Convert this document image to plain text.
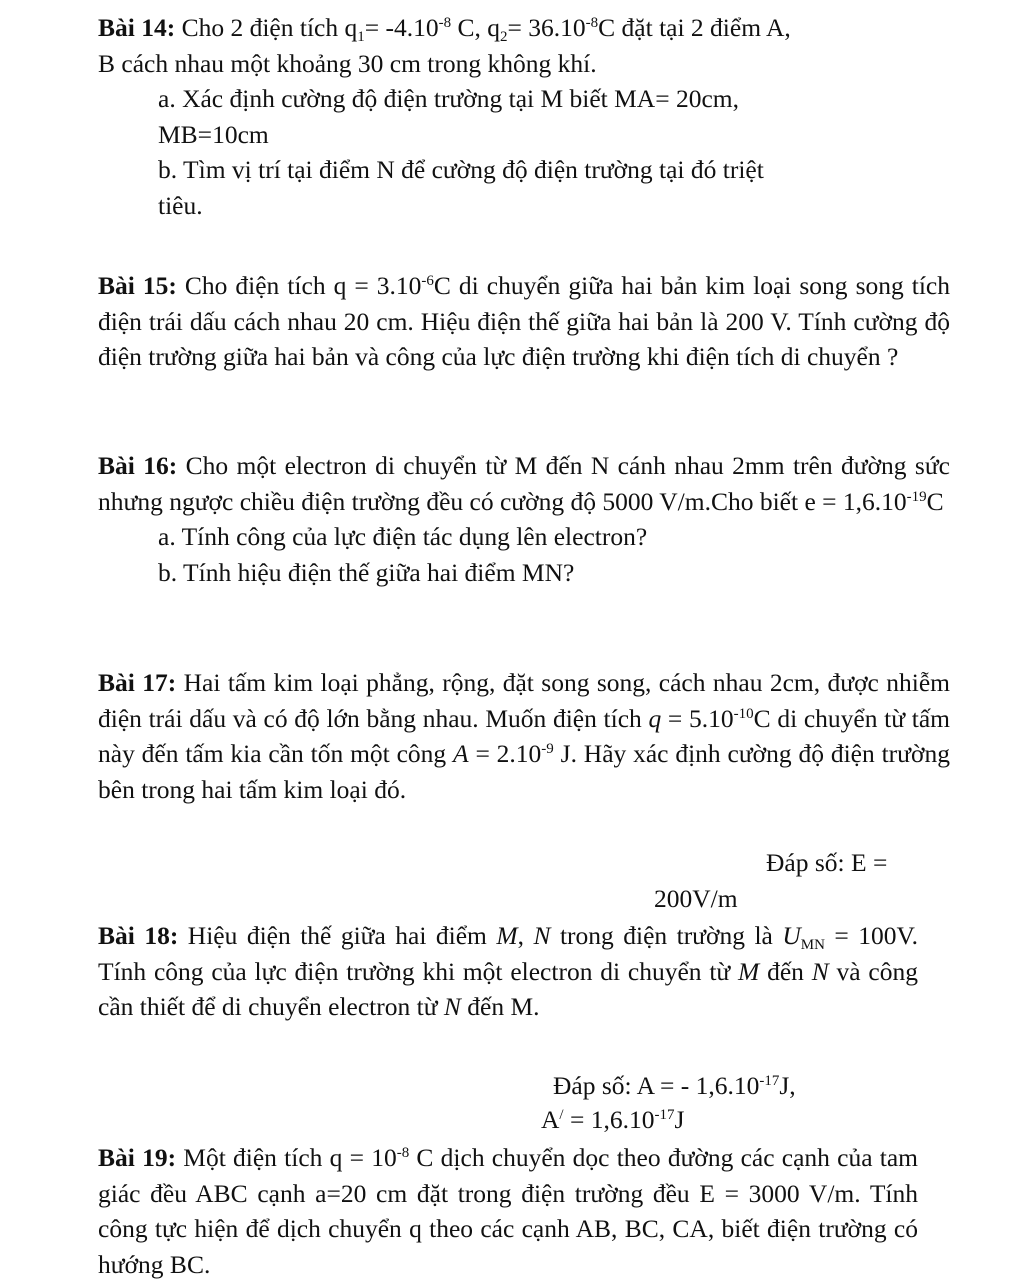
Bài 14: Cho 2 điện tích $q_1= -4.10^{-8}$ C, $q_2= 36.10^{-8}C$ đặt tại 2 điểm A,

B cách nhau một khoảng 30 cm trong không khí.

a. Xác định cường độ điện trường tại M biết MA= 20cm,

MB=10cm

b. Tìm vị trí tại điểm N để cường độ điện trường tại đó triệt

tiêu.

Bài 15: Cho điện tích $q = 3.10^{-6}C$ di chuyển giữa hai bản kim loại song song tích điện trái dấu cách nhau 20 cm. Hiệu điện thế giữa hai bản là 200 V. Tính cường độ điện trường giữa hai bản và công của lực điện trường khi điện tích di chuyển ?

Bài 16: Cho một electron di chuyển từ M đến N cánh nhau 2mm trên đường sức nhưng ngược chiều điện trường đều có cường độ 5000 V/m.Cho biết $e = 1,6.10^{-19}C$

a. Tính công của lực điện tác dụng lên electron?

b. Tính hiệu điện thế giữa hai điểm MN?

Bài 17: Hai tấm kim loại phẳng, rộng, đặt song song, cách nhau 2cm, được nhiễm điện trái dấu và có độ lớn bằng nhau. Muốn điện tích $q = 5.10^{-10}C$ di chuyển từ tấm này đến tấm kia cần tốn một công $A = 2.10^{-9}$ J. Hãy xác định cường độ điện trường bên trong hai tấm kim loại đó.

Đáp số: E =
200V/m

Bài 18: Hiệu điện thế giữa hai điểm M, N trong điện trường là $U_{MN} = 100V$. Tính công của lực điện trường khi một electron di chuyển từ M đến N và công cần thiết để di chuyển electron từ N đến M.

Đáp số: A = - $1,6.10^{-17}J$,
$A^/ = 1,6.10^{-17}J$

Bài 19: Một điện tích $q = 10^{-8}$ C dịch chuyển dọc theo đường các cạnh của tam giác đều ABC cạnh a=20 cm đặt trong điện trường đều E = 3000 V/m. Tính công tực hiện để dịch chuyển q theo các cạnh AB, BC, CA, biết điện trường có hướng BC.
